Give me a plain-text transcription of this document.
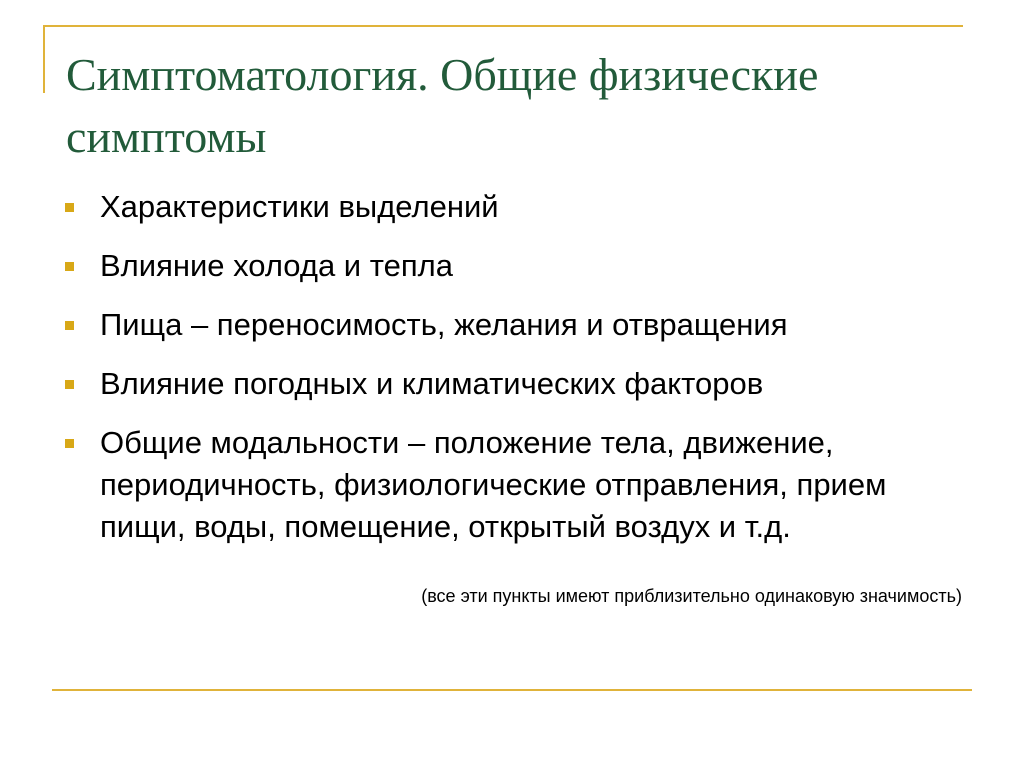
Симптоматология. Общие физические симптомы
Характеристики выделений
Влияние холода и тепла
Пища – переносимость, желания и отвращения
Влияние погодных и климатических факторов
Общие модальности – положение тела, движение, периодичность, физиологические отправления, прием пищи, воды, помещение, открытый воздух и т.д.
(все эти пункты имеют приблизительно одинаковую значимость)
